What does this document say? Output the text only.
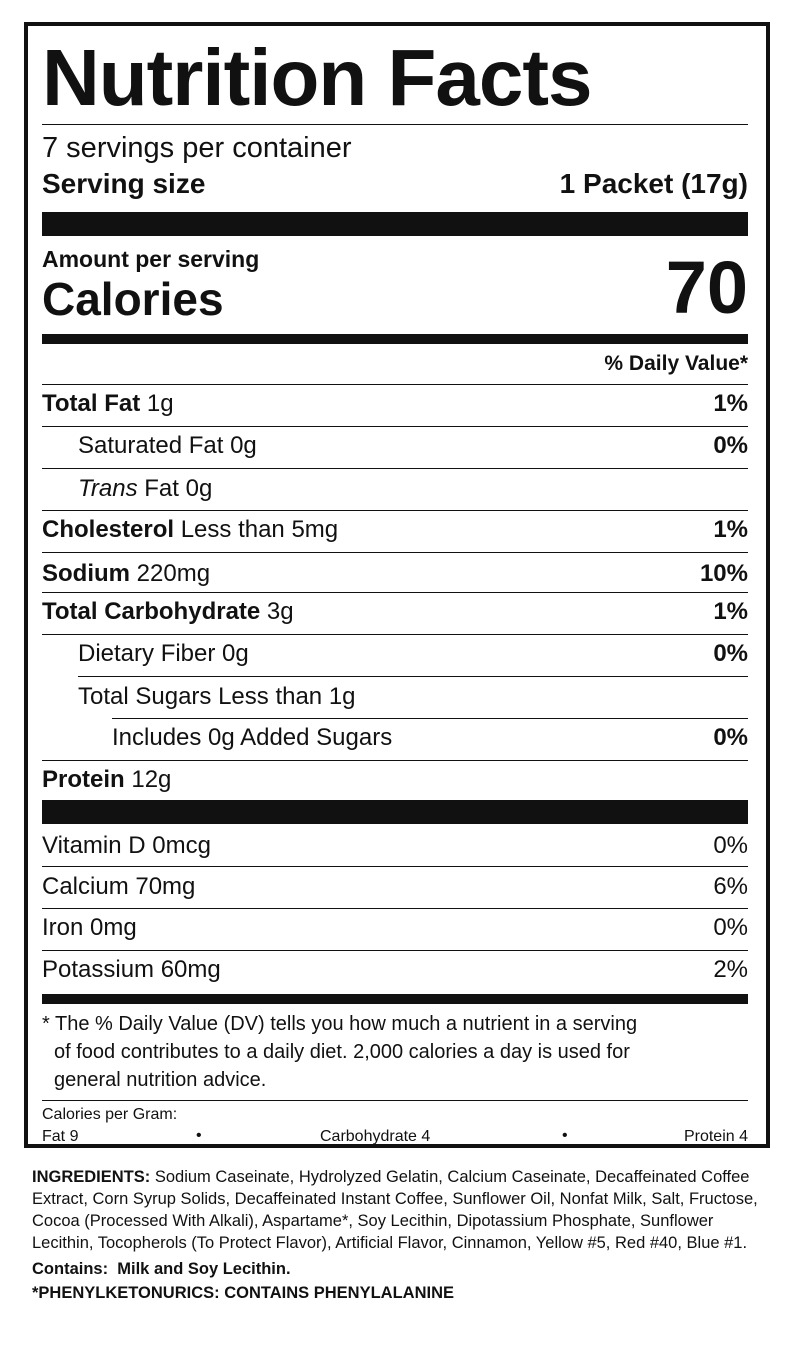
Nutrition Facts
7 servings per container
Serving size	1 Packet (17g)
Amount per serving
Calories	70
% Daily Value*
Total Fat 1g	1%
Saturated Fat 0g	0%
Trans Fat 0g
Cholesterol Less than 5mg	1%
Sodium 220mg	10%
Total Carbohydrate 3g	1%
Dietary Fiber 0g	0%
Total Sugars Less than 1g
Includes 0g Added Sugars	0%
Protein 12g
Vitamin D 0mcg	0%
Calcium 70mg	6%
Iron 0mg	0%
Potassium 60mg	2%
* The % Daily Value (DV) tells you how much a nutrient in a serving
of food contributes to a daily diet. 2,000 calories a day is used for
general nutrition advice.
Calories per Gram:
Fat 9	•	Carbohydrate 4	•	Protein 4

INGREDIENTS: Sodium Caseinate, Hydrolyzed Gelatin, Calcium Caseinate, Decaffeinated Coffee Extract, Corn Syrup Solids, Decaffeinated Instant Coffee, Sunflower Oil, Nonfat Milk, Salt, Fructose, Cocoa (Processed With Alkali), Aspartame*, Soy Lecithin, Dipotassium Phosphate, Sunflower Lecithin, Tocopherols (To Protect Flavor), Artificial Flavor, Cinnamon, Yellow #5, Red #40, Blue #1.

Contains: Milk and Soy Lecithin.

*PHENYLKETONURICS: CONTAINS PHENYLALANINE
